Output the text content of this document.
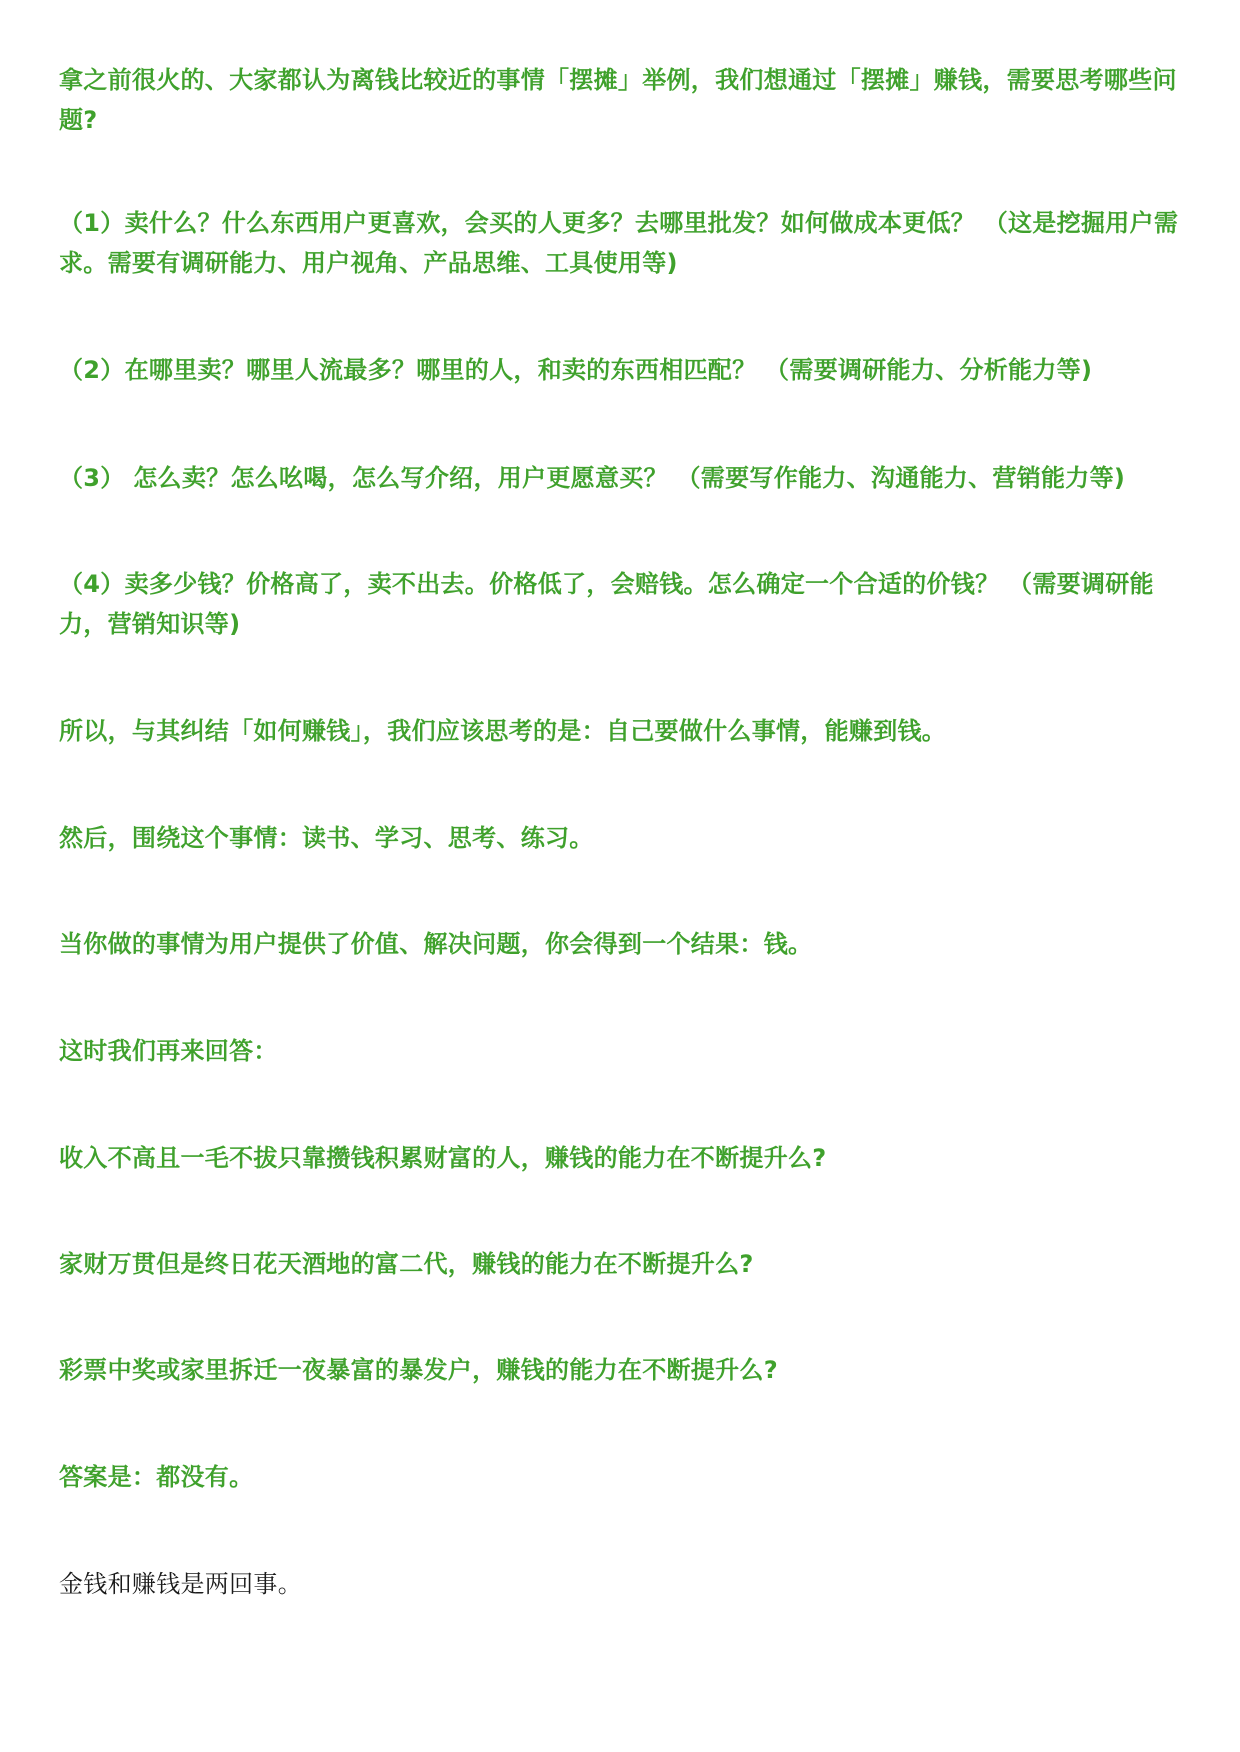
拿之前很火的、大家都认为离钱比较近的事情「摆摊」举例，我们想通过「摆摊」赚钱，需要思考哪些问题?

（1）卖什么？什么东西用户更喜欢，会买的人更多？去哪里批发？如何做成本更低？ （这是挖掘用户需求。需要有调研能力、用户视角、产品思维、工具使用等)

（2）在哪里卖？哪里人流最多？哪里的人，和卖的东西相匹配？ （需要调研能力、分析能力等)

（3） 怎么卖？怎么吆喝，怎么写介绍，用户更愿意买？ （需要写作能力、沟通能力、营销能力等)

（4）卖多少钱？价格高了，卖不出去。价格低了，会赔钱。怎么确定一个合适的价钱？ （需要调研能力，营销知识等)

所以，与其纠结「如何赚钱」，我们应该思考的是：自己要做什么事情，能赚到钱。

然后，围绕这个事情：读书、学习、思考、练习。

当你做的事情为用户提供了价值、解决问题，你会得到一个结果：钱。

这时我们再来回答：

收入不高且一毛不拔只靠攒钱积累财富的人，赚钱的能力在不断提升么?

家财万贯但是终日花天酒地的富二代，赚钱的能力在不断提升么?

彩票中奖或家里拆迁一夜暴富的暴发户，赚钱的能力在不断提升么?

答案是：都没有。

金钱和赚钱是两回事。
